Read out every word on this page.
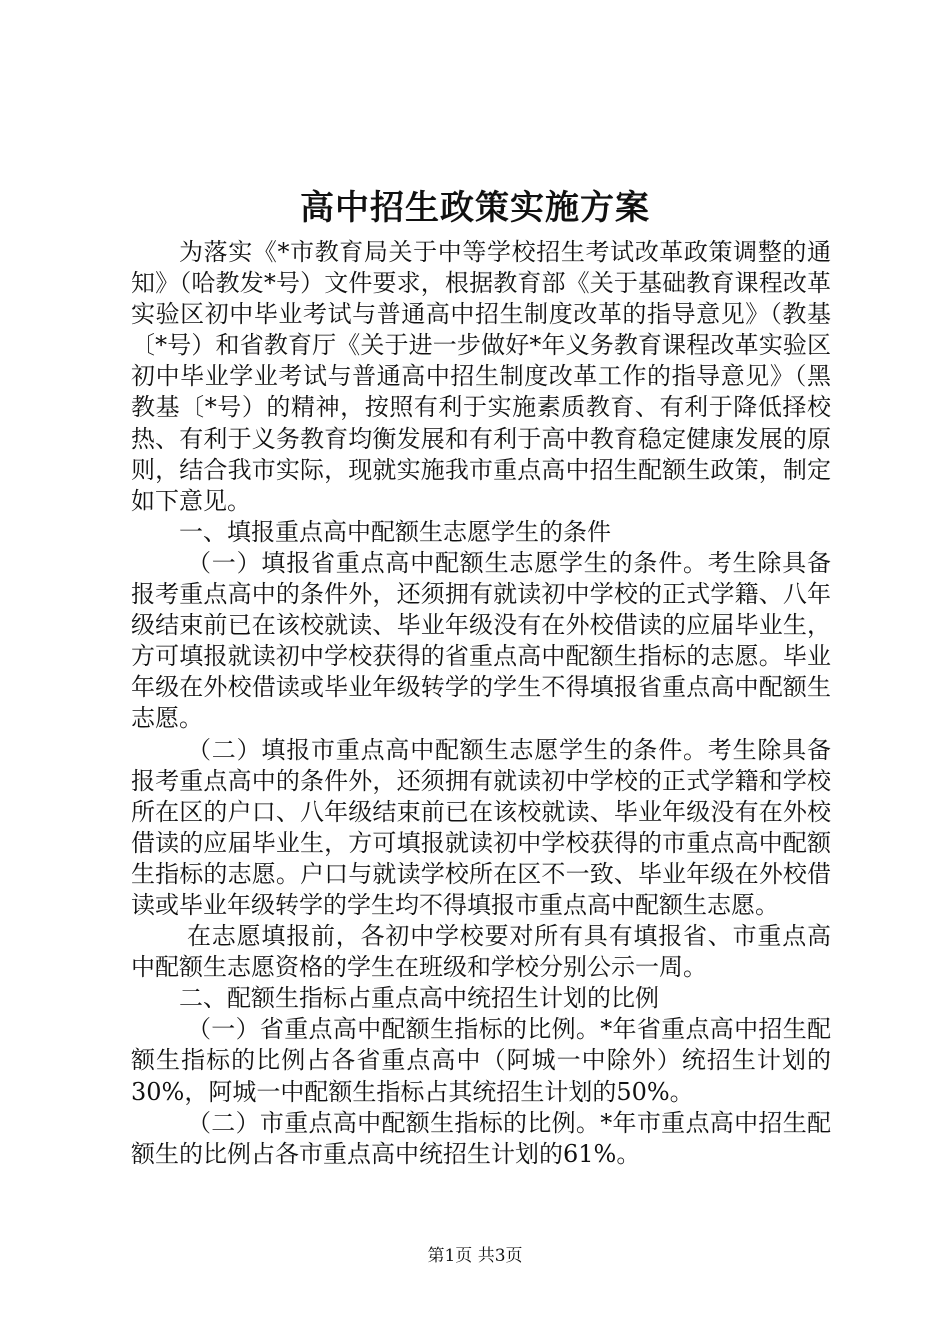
高中招生政策实施方案

为落实《*市教育局关于中等学校招生考试改革政策调整的通知》（哈教发*号）文件要求，根据教育部《关于基础教育课程改革实验区初中毕业考试与普通高中招生制度改革的指导意见》（教基〔*号）和省教育厅《关于进一步做好*年义务教育课程改革实验区初中毕业学业考试与普通高中招生制度改革工作的指导意见》（黑教基〔*号）的精神，按照有利于实施素质教育、有利于降低择校热、有利于义务教育均衡发展和有利于高中教育稳定健康发展的原则，结合我市实际，现就实施我市重点高中招生配额生政策，制定如下意见。

一、填报重点高中配额生志愿学生的条件

（一）填报省重点高中配额生志愿学生的条件。考生除具备报考重点高中的条件外，还须拥有就读初中学校的正式学籍、八年级结束前已在该校就读、毕业年级没有在外校借读的应届毕业生，方可填报就读初中学校获得的省重点高中配额生指标的志愿。毕业年级在外校借读或毕业年级转学的学生不得填报省重点高中配额生志愿。

（二）填报市重点高中配额生志愿学生的条件。考生除具备报考重点高中的条件外，还须拥有就读初中学校的正式学籍和学校所在区的户口、八年级结束前已在该校就读、毕业年级没有在外校借读的应届毕业生，方可填报就读初中学校获得的市重点高中配额生指标的志愿。户口与就读学校所在区不一致、毕业年级在外校借读或毕业年级转学的学生均不得填报市重点高中配额生志愿。

在志愿填报前，各初中学校要对所有具有填报省、市重点高中配额生志愿资格的学生在班级和学校分别公示一周。

二、配额生指标占重点高中统招生计划的比例

（一）省重点高中配额生指标的比例。*年省重点高中招生配额生指标的比例占各省重点高中（阿城一中除外）统招生计划的30%，阿城一中配额生指标占其统招生计划的50%。

（二）市重点高中配额生指标的比例。*年市重点高中招生配额生的比例占各市重点高中统招生计划的61%。

第1页 共3页
